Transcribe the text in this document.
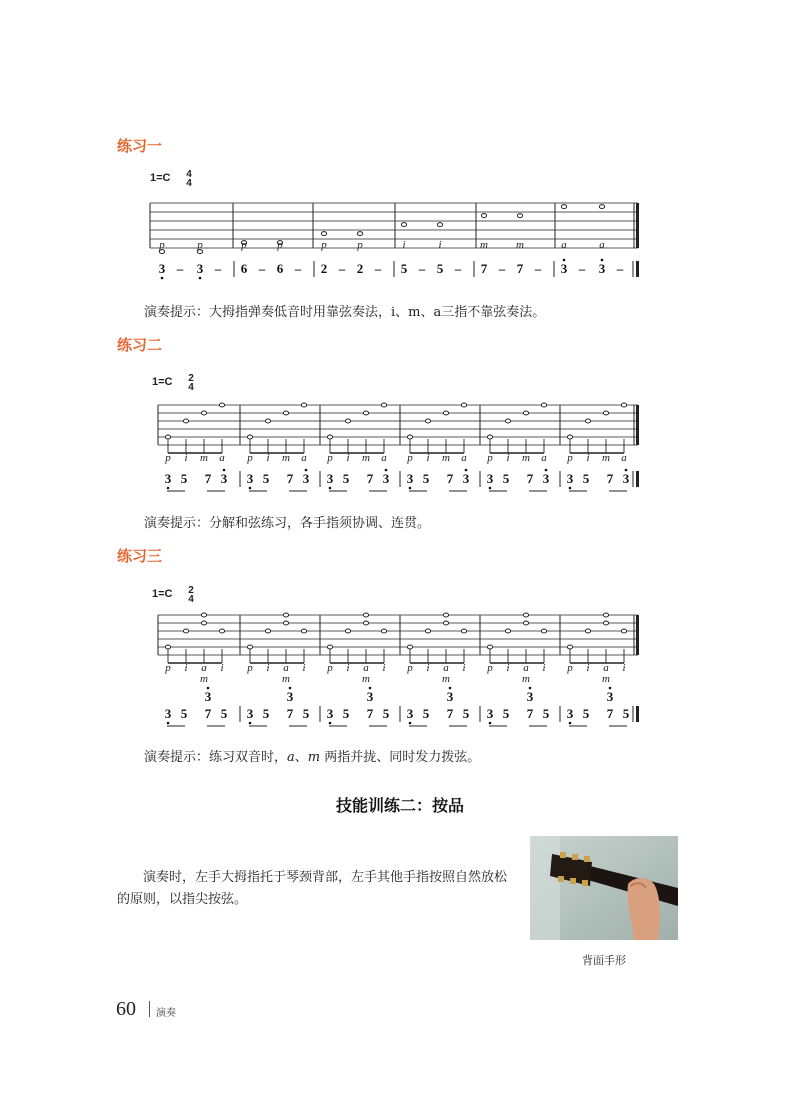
练习一
1=C 4
4
p	p	p	p	p	p	i	i	m	m	a	a
3 – 3 – 6 – 6 – 2 – 2 – 5 – 5 – 7 – 7 – 3 – 3 –
演奏提示：大拇指弹奏低音时用靠弦奏法，i、m、a三指不靠弦奏法。
练习二
1=C 2
4
p i m a
3 5 7 3
p i m a
3 5 7 3
p i m a
3 5 7 3
p i m a
3 5 7 3
p i m a
3 5 7 3
p i m a
3 5 7 3
演奏提示：分解和弦练习，各手指须协调、连贯。
练习三
1=C 2
4
p i a i
m
3 5 7 5
3
p i a i
m
3 5 7 5
3
p i a i
m
3 5 7 5
3
p i a i
m
3 5 7 5
3
p i a i
m
3 5 7 5
3
p i a i
m
3 5 7 5
3
演奏提示：练习双音时，a、m 两指并拢、同时发力拨弦。
技能训练二：按品
演奏时，左手大拇指托于琴颈背部，左手其他手指按照自然放松的原则，以指尖按弦。
背面手形
60 演奏
